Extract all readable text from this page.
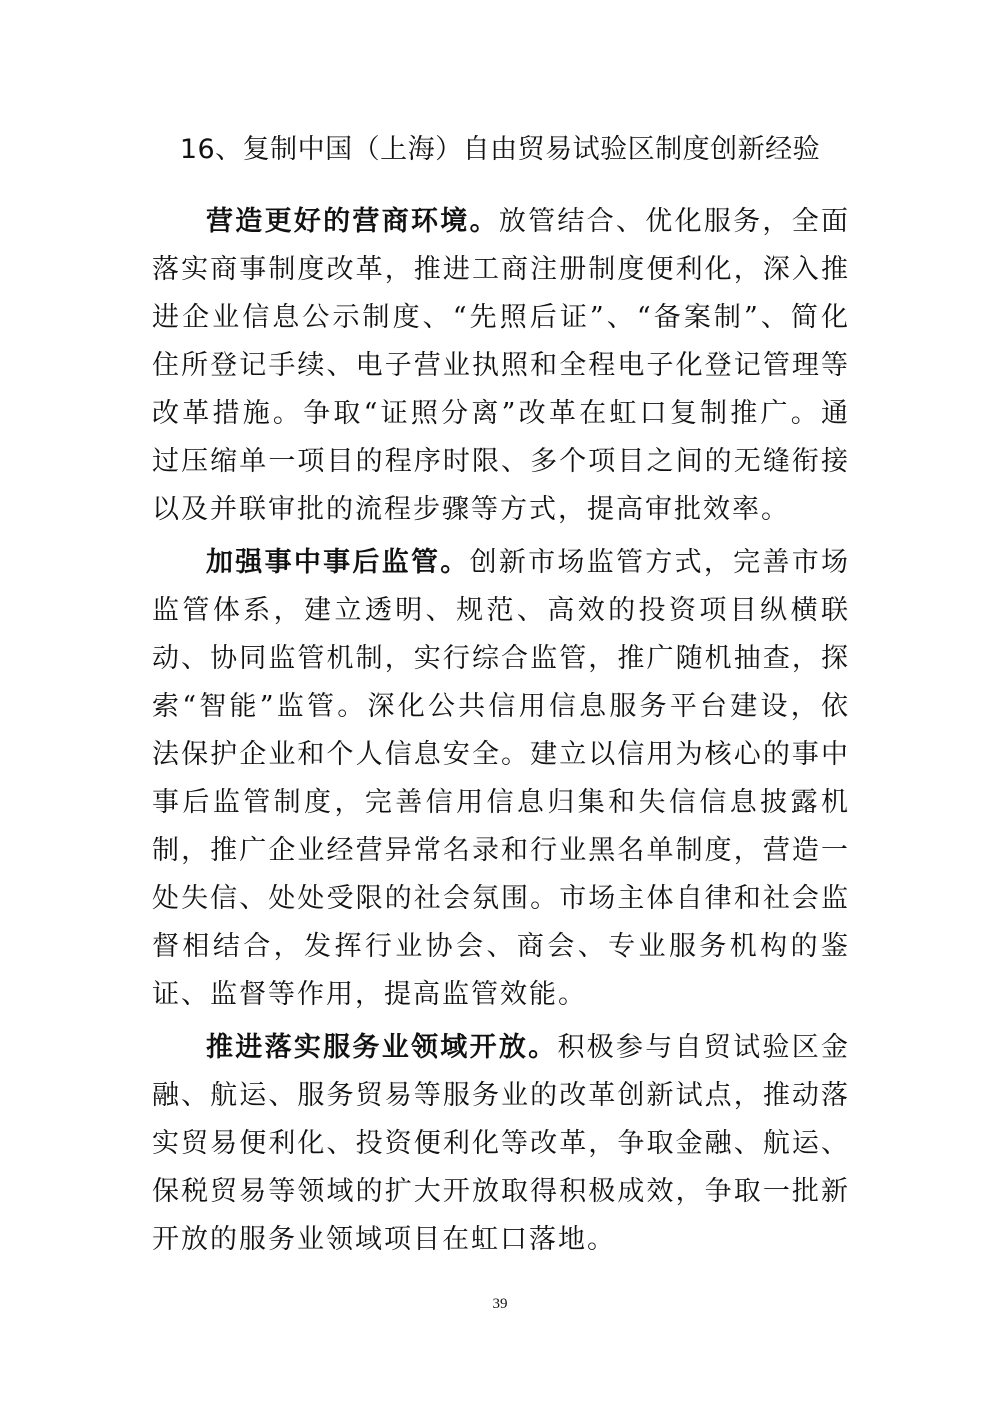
16、复制中国（上海）自由贸易试验区制度创新经验

营造更好的营商环境。放管结合、优化服务，全面落实商事制度改革，推进工商注册制度便利化，深入推进企业信息公示制度、“先照后证”、“备案制”、简化住所登记手续、电子营业执照和全程电子化登记管理等改革措施。争取“证照分离”改革在虹口复制推广。通过压缩单一项目的程序时限、多个项目之间的无缝衔接以及并联审批的流程步骤等方式，提高审批效率。

加强事中事后监管。创新市场监管方式，完善市场监管体系，建立透明、规范、高效的投资项目纵横联动、协同监管机制，实行综合监管，推广随机抽查，探索“智能”监管。深化公共信用信息服务平台建设，依法保护企业和个人信息安全。建立以信用为核心的事中事后监管制度，完善信用信息归集和失信信息披露机制，推广企业经营异常名录和行业黑名单制度，营造一处失信、处处受限的社会氛围。市场主体自律和社会监督相结合，发挥行业协会、商会、专业服务机构的鉴证、监督等作用，提高监管效能。

推进落实服务业领域开放。积极参与自贸试验区金融、航运、服务贸易等服务业的改革创新试点，推动落实贸易便利化、投资便利化等改革，争取金融、航运、保税贸易等领域的扩大开放取得积极成效，争取一批新开放的服务业领域项目在虹口落地。

39
